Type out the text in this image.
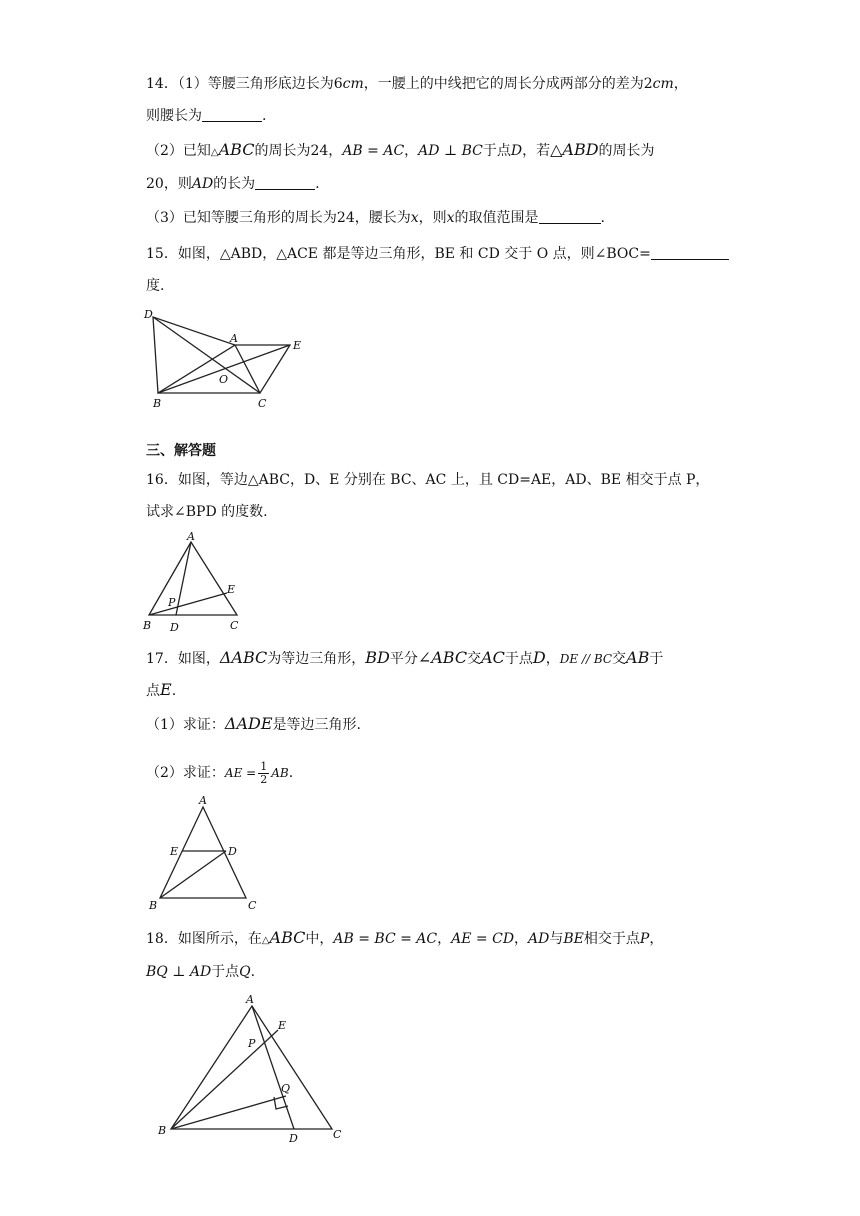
14．（1）等腰三角形底边长为6cm，一腰上的中线把它的周长分成两部分的差为2cm，
则腰长为	.
（2）已知△ABC的周长为24，AB = AC，AD ⊥ BC于点D，若△ABD的周长为
20，则AD的长为	.
（3）已知等腰三角形的周长为24，腰长为x，则x的取值范围是	.
15．如图，△ABD，△ACE 都是等边三角形，BE 和 CD 交于 O 点，则∠BOC=
度.
D
A
E
O
B	C
三、解答题
16．如图，等边△ABC，D、E 分别在 BC、AC 上，且 CD=AE，AD、BE 相交于点 P，
试求∠BPD 的度数.
A
E
P
B D	C
17．如图，ΔABC为等边三角形，BD平分∠ABC交AC于点D，DE // BC交AB于
点E.
（1）求证：ΔADE是等边三角形.
（2）求证：AE = $\frac{1}{2}$ AB.
A
E	D
B	C
18．如图所示，在△ABC中，AB = BC = AC，AE = CD，AD与BE相交于点P，
BQ ⊥ AD于点Q.
A
E
P
Q
B
D	C
